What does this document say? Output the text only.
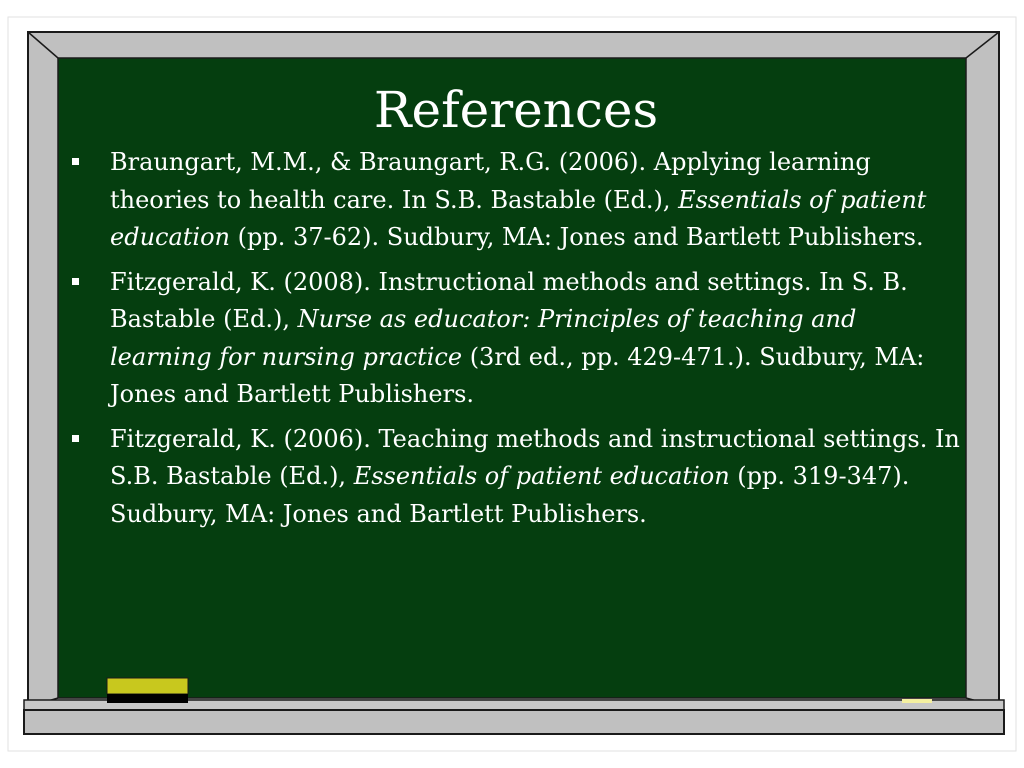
References
Braungart, M.M., & Braungart, R.G. (2006). Applying learning theories to health care. In S.B. Bastable (Ed.), Essentials of patient education (pp. 37-62). Sudbury, MA: Jones and Bartlett Publishers.
Fitzgerald, K. (2008). Instructional methods and settings. In S. B. Bastable (Ed.), Nurse as educator: Principles of teaching and learning for nursing practice (3rd ed., pp. 429-471.). Sudbury, MA: Jones and Bartlett Publishers.
Fitzgerald, K. (2006). Teaching methods and instructional settings. In S.B. Bastable (Ed.), Essentials of patient education (pp. 319-347). Sudbury, MA: Jones and Bartlett Publishers.
